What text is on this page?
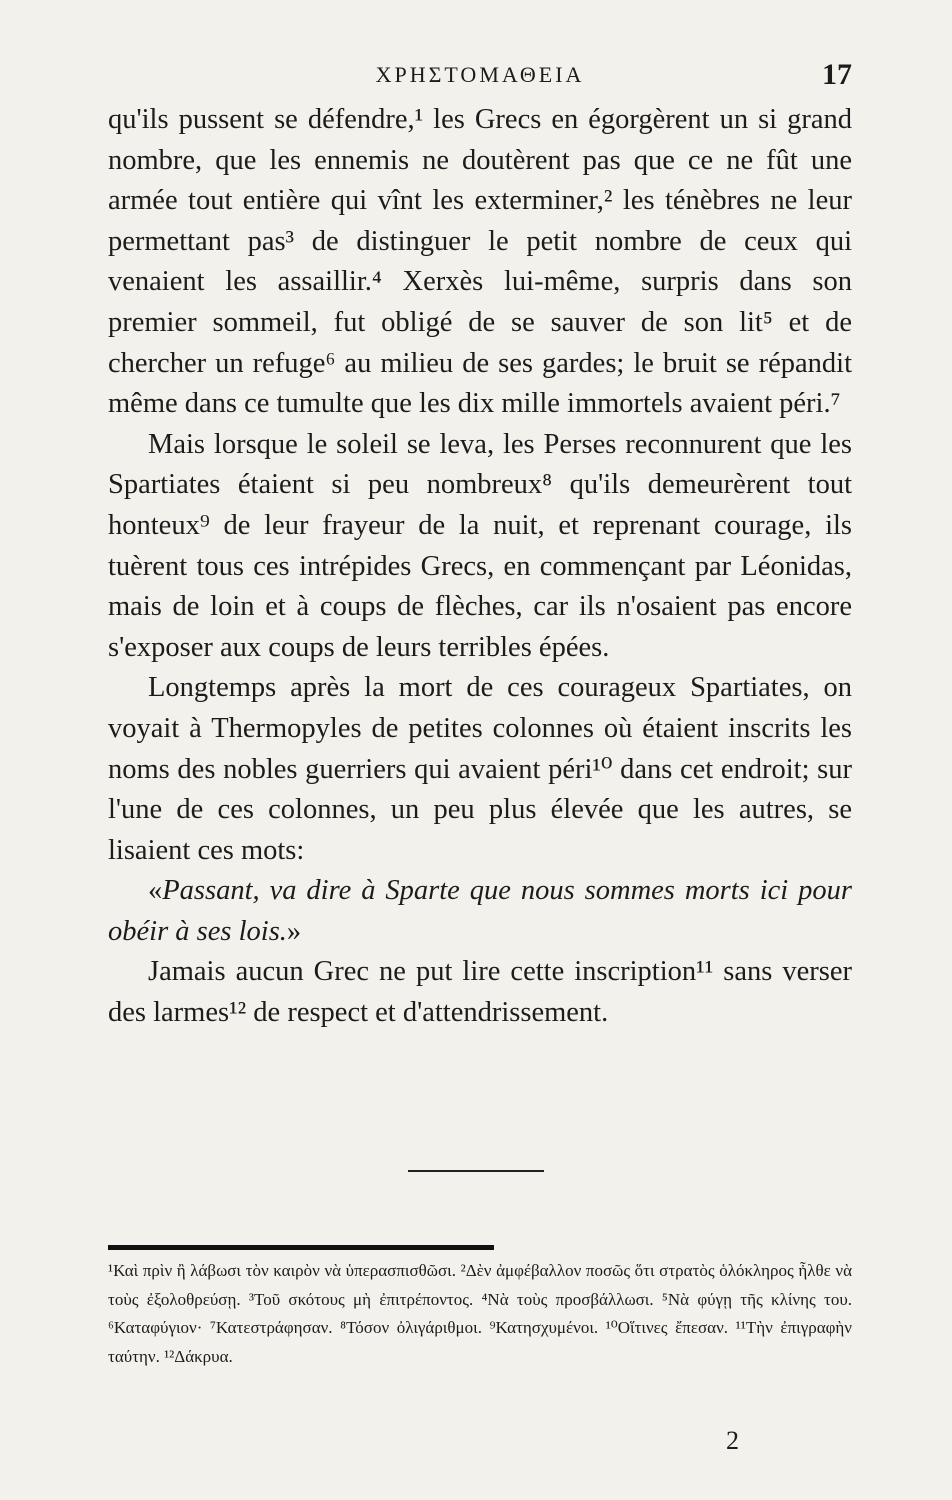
ΧΡΗΣΤΟΜΑΘΕΙΑ	17

qu'ils pussent se défendre,¹ les Grecs en égorgèrent un si grand nombre, que les ennemis ne doutèrent pas que ce ne fût une armée tout entière qui vînt les exterminer,² les ténèbres ne leur permettant pas³ de distinguer le petit nombre de ceux qui venaient les assaillir.⁴ Xerxès lui-même, surpris dans son premier sommeil, fut obligé de se sauver de son lit⁵ et de chercher un refuge⁶ au milieu de ses gardes; le bruit se répandit même dans ce tumulte que les dix mille immortels avaient péri.⁷

Mais lorsque le soleil se leva, les Perses reconnurent que les Spartiates étaient si peu nombreux⁸ qu'ils demeurèrent tout honteux⁹ de leur frayeur de la nuit, et reprenant courage, ils tuèrent tous ces intrépides Grecs, en commençant par Léonidas, mais de loin et à coups de flèches, car ils n'osaient pas encore s'exposer aux coups de leurs terribles épées.

Longtemps après la mort de ces courageux Spartiates, on voyait à Thermopyles de petites colonnes où étaient inscrits les noms des nobles guerriers qui avaient péri¹⁰ dans cet endroit; sur l'une de ces colonnes, un peu plus élevée que les autres, se lisaient ces mots:

«Passant, va dire à Sparte que nous sommes morts ici pour obéir à ses lois.»

Jamais aucun Grec ne put lire cette inscription¹¹ sans verser des larmes¹² de respect et d'attendrissement.

¹Καὶ πρὶν ἢ λάβωσι τὸν καιρὸν νὰ ὑπερασπισθῶσι. ²Δὲν ἀμφέβαλλον ποσῶς ὅτι στρατὸς ὁλόκληρος ἦλθε νὰ τοὺς ἐξολοθρεύσῃ. ³Τοῦ σκότους μὴ ἐπιτρέποντος. ⁴Νὰ τοὺς προσβάλλωσι. ⁵Νὰ φύγῃ τῆς κλίνης του. ⁶Καταφύγιον· ⁷Κατεστράφησαν. ⁸Τόσον ὀλιγάριθμοι. ⁹Κατησχυμένοι. ¹⁰Οἵτινες ἔπεσαν. ¹¹Τὴν ἐπιγραφὴν ταύτην. ¹²Δάκρυα.
2
